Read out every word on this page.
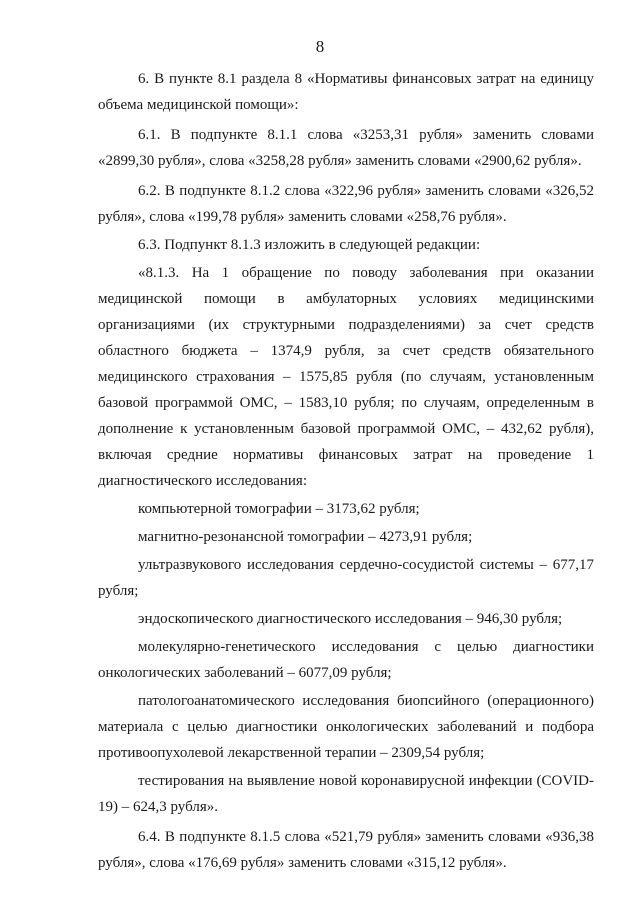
8

6. В пункте 8.1 раздела 8 «Нормативы финансовых затрат на единицу объема медицинской помощи»:

6.1. В подпункте 8.1.1 слова «3253,31 рубля» заменить словами «2899,30 рубля», слова «3258,28 рубля» заменить словами «2900,62 рубля».

6.2. В подпункте 8.1.2 слова «322,96 рубля» заменить словами «326,52 рубля», слова «199,78 рубля» заменить словами «258,76 рубля».

6.3. Подпункт 8.1.3 изложить в следующей редакции:

«8.1.3. На 1 обращение по поводу заболевания при оказании медицинской помощи в амбулаторных условиях медицинскими организациями (их структурными подразделениями) за счет средств областного бюджета – 1374,9 рубля, за счет средств обязательного медицинского страхования – 1575,85 рубля (по случаям, установленным базовой программой ОМС, – 1583,10 рубля; по случаям, определенным в дополнение к установленным базовой программой ОМС, – 432,62 рубля), включая средние нормативы финансовых затрат на проведение 1 диагностического исследования:

компьютерной томографии – 3173,62 рубля;

магнитно-резонансной томографии – 4273,91 рубля;

ультразвукового исследования сердечно-сосудистой системы – 677,17 рубля;

эндоскопического диагностического исследования – 946,30 рубля;

молекулярно-генетического исследования с целью диагностики онкологических заболеваний – 6077,09 рубля;

патологоанатомического исследования биопсийного (операционного) материала с целью диагностики онкологических заболеваний и подбора противоопухолевой лекарственной терапии – 2309,54 рубля;

тестирования на выявление новой коронавирусной инфекции (COVID-19) – 624,3 рубля».

6.4. В подпункте 8.1.5 слова «521,79 рубля» заменить словами «936,38 рубля», слова «176,69 рубля» заменить словами «315,12 рубля».
